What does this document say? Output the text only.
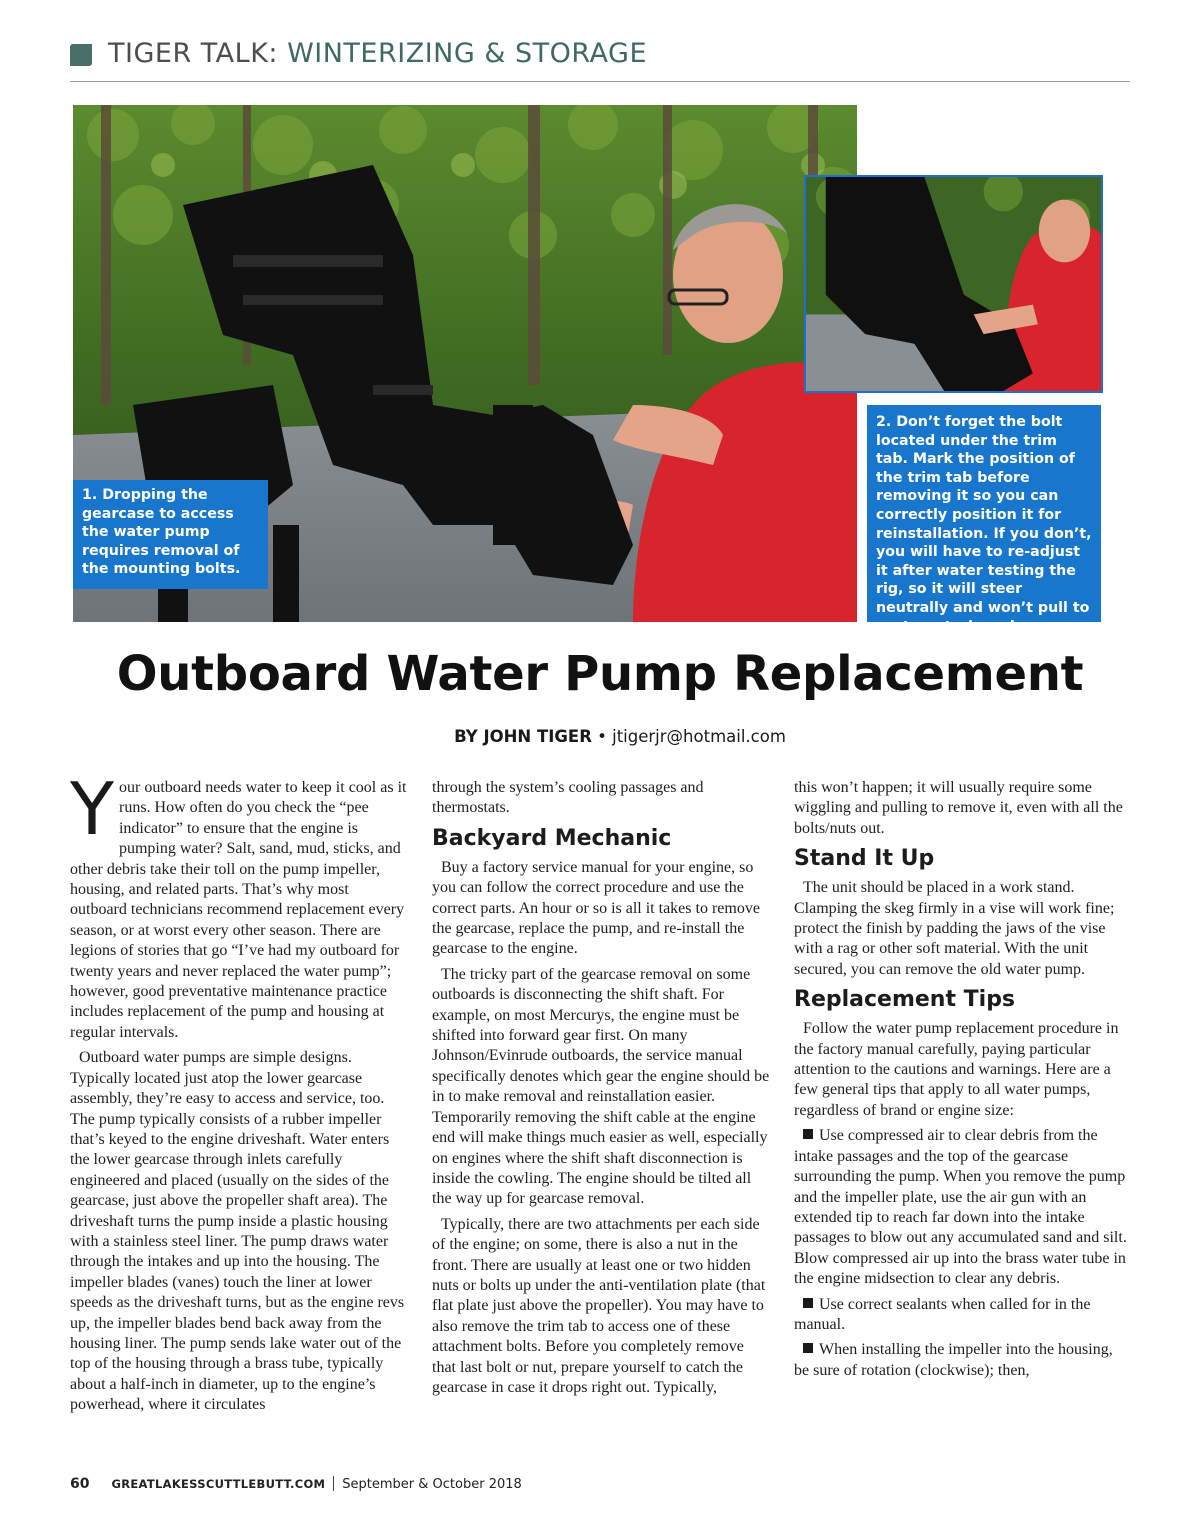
TIGER TALK: WINTERIZING & STORAGE
1. Dropping the gearcase to access the water pump requires removal of the mounting bolts.
2. Don’t forget the bolt located under the trim tab. Mark the position of the trim tab before removing it so you can correctly position it for reinstallation. If you don’t, you will have to re-adjust it after water testing the rig, so it will steer neutrally and won’t pull to port or starboard.
Outboard Water Pump Replacement
BY JOHN TIGER • jtigerjr@hotmail.com

Your outboard needs water to keep it cool as it runs. How often do you check the “pee indicator” to ensure that the engine is pumping water? Salt, sand, mud, sticks, and other debris take their toll on the pump impeller, housing, and related parts. That’s why most outboard technicians recommend replacement every season, or at worst every other season. There are legions of stories that go “I’ve had my outboard for twenty years and never replaced the water pump”; however, good preventative maintenance practice includes replacement of the pump and housing at regular intervals.

Outboard water pumps are simple designs. Typically located just atop the lower gearcase assembly, they’re easy to access and service, too. The pump typically consists of a rubber impeller that’s keyed to the engine driveshaft. Water enters the lower gearcase through inlets carefully engineered and placed (usually on the sides of the gearcase, just above the propeller shaft area). The driveshaft turns the pump inside a plastic housing with a stainless steel liner. The pump draws water through the intakes and up into the housing. The impeller blades (vanes) touch the liner at lower speeds as the driveshaft turns, but as the engine revs up, the impeller blades bend back away from the housing liner. The pump sends lake water out of the top of the housing through a brass tube, typically about a half-inch in diameter, up to the engine’s powerhead, where it circulates

through the system’s cooling passages and thermostats.

Backyard Mechanic

Buy a factory service manual for your engine, so you can follow the correct procedure and use the correct parts. An hour or so is all it takes to remove the gearcase, replace the pump, and re-install the gearcase to the engine.

The tricky part of the gearcase removal on some outboards is disconnecting the shift shaft. For example, on most Mercurys, the engine must be shifted into forward gear first. On many Johnson/Evinrude outboards, the service manual specifically denotes which gear the engine should be in to make removal and reinstallation easier. Temporarily removing the shift cable at the engine end will make things much easier as well, especially on engines where the shift shaft disconnection is inside the cowling. The engine should be tilted all the way up for gearcase removal.

Typically, there are two attachments per each side of the engine; on some, there is also a nut in the front. There are usually at least one or two hidden nuts or bolts up under the anti-ventilation plate (that flat plate just above the propeller). You may have to also remove the trim tab to access one of these attachment bolts. Before you completely remove that last bolt or nut, prepare yourself to catch the gearcase in case it drops right out. Typically,

this won’t happen; it will usually require some wiggling and pulling to remove it, even with all the bolts/nuts out.

Stand It Up

The unit should be placed in a work stand. Clamping the skeg firmly in a vise will work fine; protect the finish by padding the jaws of the vise with a rag or other soft material. With the unit secured, you can remove the old water pump.

Replacement Tips

Follow the water pump replacement procedure in the factory manual carefully, paying particular attention to the cautions and warnings. Here are a few general tips that apply to all water pumps, regardless of brand or engine size:

Use compressed air to clear debris from the intake passages and the top of the gearcase surrounding the pump. When you remove the pump and the impeller plate, use the air gun with an extended tip to reach far down into the intake passages to blow out any accumulated sand and silt. Blow compressed air up into the brass water tube in the engine midsection to clear any debris.

Use correct sealants when called for in the manual.

When installing the impeller into the housing, be sure of rotation (clockwise); then,

60 GREATLAKESSCUTTLEBUTT.COM September & October 2018
